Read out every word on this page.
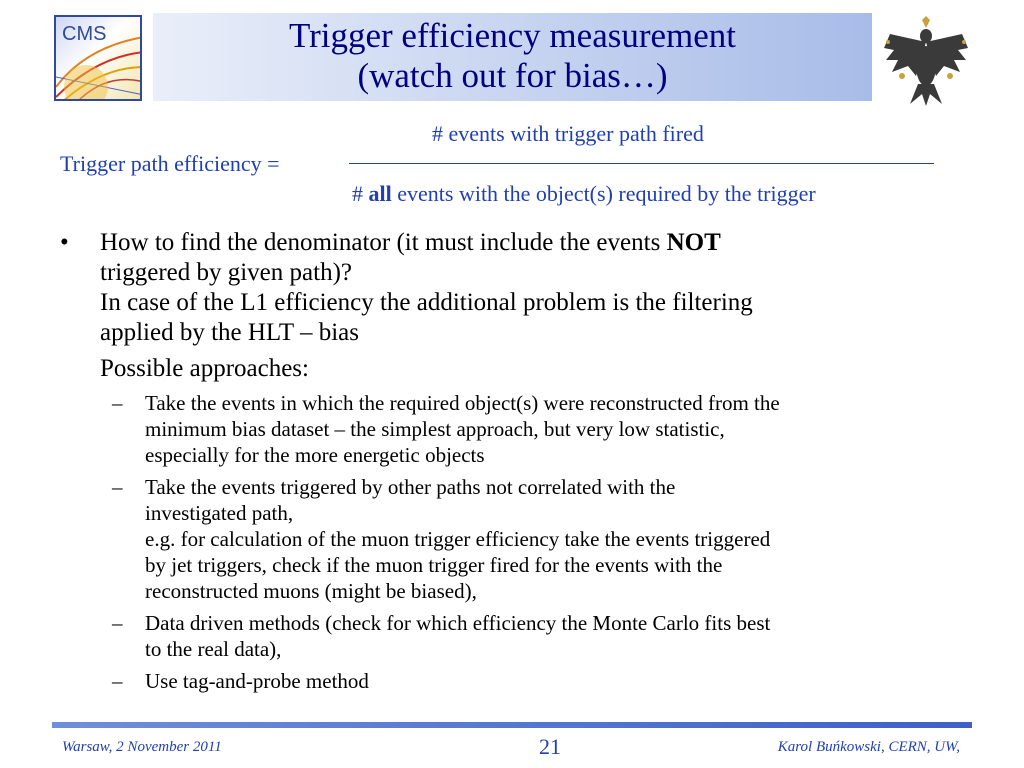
CMS	Trigger efficiency measurement
(watch out for bias…)
# events with trigger path fired
Trigger path efficiency =
# all events with the object(s) required by the trigger
•	How to find the denominator (it must include the events NOT
triggered by given path)?
In case of the L1 efficiency the additional problem is the filtering
applied by the HLT – bias
Possible approaches:
–	Take the events in which the required object(s) were reconstructed from the
minimum bias dataset – the simplest approach, but very low statistic,
especially for the more energetic objects
–	Take the events triggered by other paths not correlated with the
investigated path,
e.g. for calculation of the muon trigger efficiency take the events triggered
by jet triggers, check if the muon trigger fired for the events with the
reconstructed muons (might be biased),
–	Data driven methods (check for which efficiency the Monte Carlo fits best
to the real data),
–	Use tag-and-probe method
Warsaw, 2 November 2011	21	Karol Buńkowski, CERN, UW,
